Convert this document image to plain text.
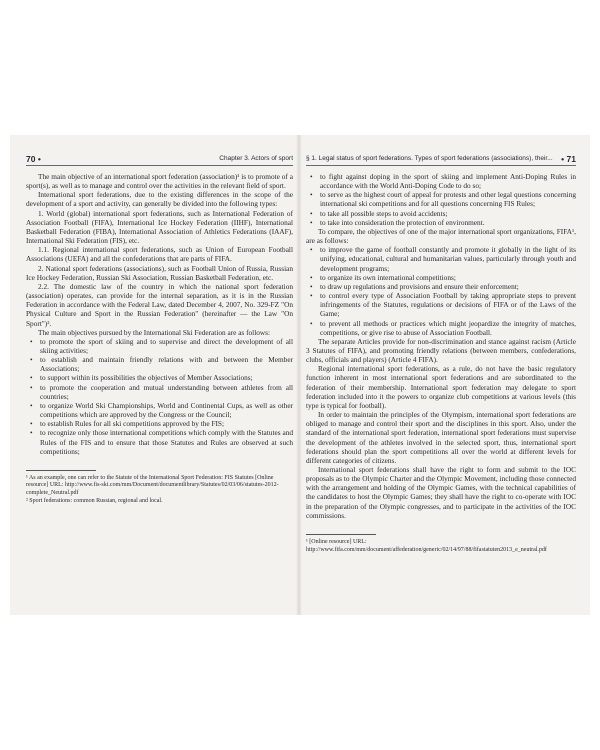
70 •	Chapter 3. Actors of sport

The main objective of an international sport federation (association)¹ is to promote of a sport(s), as well as to manage and control over the activities in the relevant field of sport.

International sport federations, due to the existing differences in the scope of the development of a sport and activity, can generally be divided into the following types:

1. World (global) international sport federations, such as International Federation of Association Football (FIFA), International Ice Hockey Federation (IIHF), International Basketball Federation (FIBA), International Association of Athletics Federations (IAAF), International Ski Federation (FIS), etc.

1.1. Regional international sport federations, such as Union of European Football Associations (UEFA) and all the confederations that are parts of FIFA.

2. National sport federations (associations), such as Football Union of Russia, Russian Ice Hockey Federation, Russian Ski Association, Russian Basketball Federation, etc.

2.2. The domestic law of the country in which the national sport federation (association) operates, can provide for the internal separation, as it is in the Russian Federation in accordance with the Federal Law, dated December 4, 2007, No. 329-FZ "On Physical Culture and Sport in the Russian Federation" (hereinafter — the Law "On Sport")².

The main objectives pursued by the International Ski Federation are as follows:

• to promote the sport of skiing and to supervise and direct the development of all skiing activities;
• to establish and maintain friendly relations with and between the Member Associations;
• to support within its possibilities the objectives of Member Associations;
• to promote the cooperation and mutual understanding between athletes from all countries;
• to organize World Ski Championships, World and Continental Cups, as well as other competitions which are approved by the Congress or the Council;
• to establish Rules for all ski competitions approved by the FIS;
• to recognize only those international competitions which comply with the Statutes and Rules of the FIS and to ensure that those Statutes and Rules are observed at such competitions;

¹ As an example, one can refer to the Statute of the International Sport Federation: FIS Statutes [Online resource] URL: http://www.fis-ski.com/mm/Document/documentlibrary/Statutes/02/03/06/statutes-2012-complete_Neutral.pdf

² Sport federations: common Russian, regional and local.

§ 1. Legal status of sport federations. Types of sport federations (associations), their... • 71
• to fight against doping in the sport of skiing and implement Anti-Doping Rules in accordance with the World Anti-Doping Code to do so;
• to serve as the highest court of appeal for protests and other legal questions concerning international ski competitions and for all questions concerning FIS Rules;
• to take all possible steps to avoid accidents;
• to take into consideration the protection of environment.

To compare, the objectives of one of the major international sport organizations, FIFA¹, are as follows:

• to improve the game of football constantly and promote it globally in the light of its unifying, educational, cultural and humanitarian values, particularly through youth and development programs;
• to organize its own international competitions;
• to draw up regulations and provisions and ensure their enforcement;
• to control every type of Association Football by taking appropriate steps to prevent infringements of the Statutes, regulations or decisions of FIFA or of the Laws of the Game;
• to prevent all methods or practices which might jeopardize the integrity of matches, competitions, or give rise to abuse of Association Football.

The separate Articles provide for non-discrimination and stance against racism (Article 3 Statutes of FIFA), and promoting friendly relations (between members, confederations, clubs, officials and players) (Article 4 FIFA).

Regional international sport federations, as a rule, do not have the basic regulatory function inherent in most international sport federations and are subordinated to the federation of their membership. International sport federation may delegate to sport federation included into it the powers to organize club competitions at various levels (this type is typical for football).

In order to maintain the principles of the Olympism, international sport federations are obliged to manage and control their sport and the disciplines in this sport. Also, under the standard of the international sport federation, international sport federations must supervise the development of the athletes involved in the selected sport, thus, international sport federations should plan the sport competitions all over the world at different levels for different categories of citizens.

International sport federations shall have the right to form and submit to the IOC proposals as to the Olympic Charter and the Olympic Movement, including those connected with the arrangement and holding of the Olympic Games, with the technical capabilities of the candidates to host the Olympic Games; they shall have the right to co-operate with IOC in the preparation of the Olympic congresses, and to participate in the activities of the IOC commissions.

¹ [Online resource] URL: http://www.fifa.com/mm/document/affederation/generic/02/14/97/88/fifastatuten2013_e_neutral.pdf
